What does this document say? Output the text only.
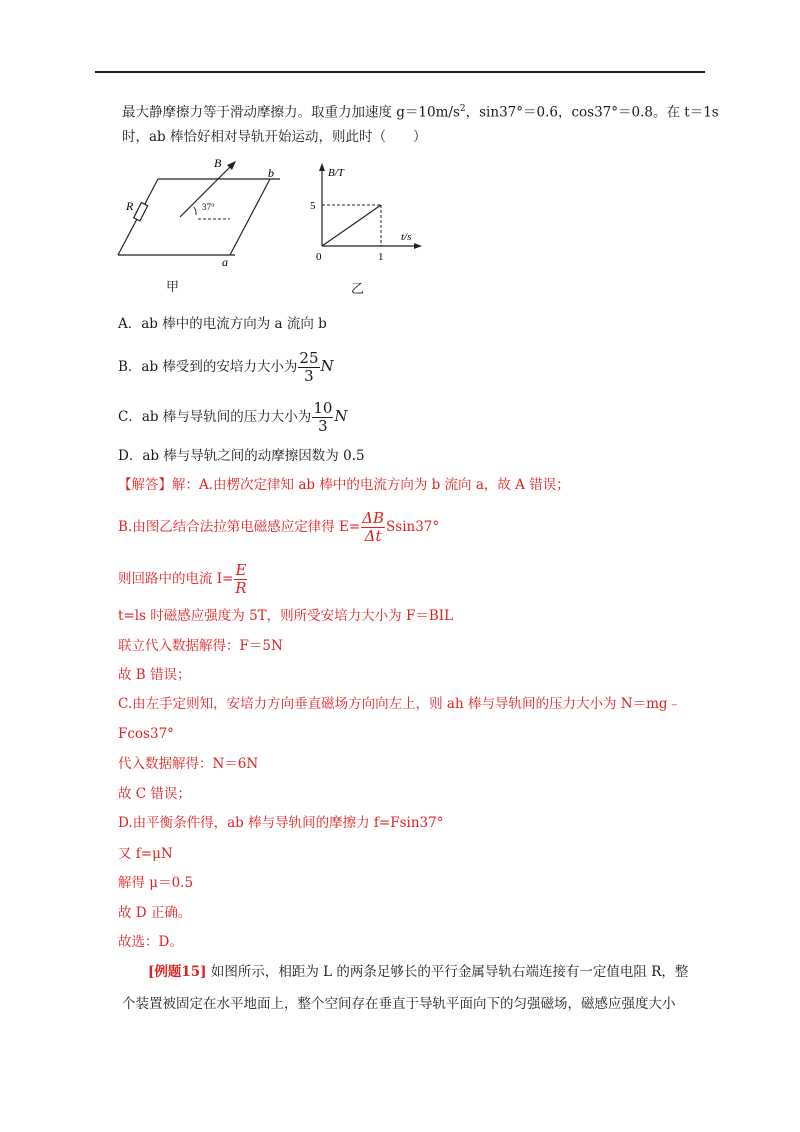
最大静摩擦力等于滑动摩擦力。取重力加速度 $g=10m/s^2$，sin37°＝0.6，cos37°＝0.8。在 t＝1s
时，ab 棒恰好相对导轨开始运动，则此时（　　）
B
b
R
a
37°
甲
B/T
t/s
5
1
0
乙
A．ab 棒中的电流方向为 a 流向 b
B．ab 棒受到的安培力大小为 $\frac{25}{3}$ N
C．ab 棒与导轨间的压力大小为 $\frac{10}{3}$ N
D．ab 棒与导轨之间的动摩擦因数为 0.5
【解答】解：A.由楞次定律知 ab 棒中的电流方向为 b 流向 a，故 A 错误；
B.由图乙结合法拉第电磁感应定律得 $E= \frac{\Delta B}{\Delta t} Ssin37^\circ$
则回路中的电流 $I= \frac{E}{R}$
t=ls 时磁感应强度为 5T，则所受安培力大小为 F＝BIL
联立代入数据解得：F＝5N
故 B 错误；
C.由左手定则知，安培力方向垂直磁场方向向左上，则 ah 棒与导轨间的压力大小为 N＝mg﹣
Fcos37°
代入数据解得：N＝6N
故 C 错误；
D.由平衡条件得，ab 棒与导轨间的摩擦力 f=Fsin37°
又 f=μN
解得 μ＝0.5
故 D 正确。
故选：D。
[例题15] 如图所示，相距为 L 的两条足够长的平行金属导轨右端连接有一定值电阻 R，整
个装置被固定在水平地面上，整个空间存在垂直于导轨平面向下的匀强磁场，磁感应强度大小
